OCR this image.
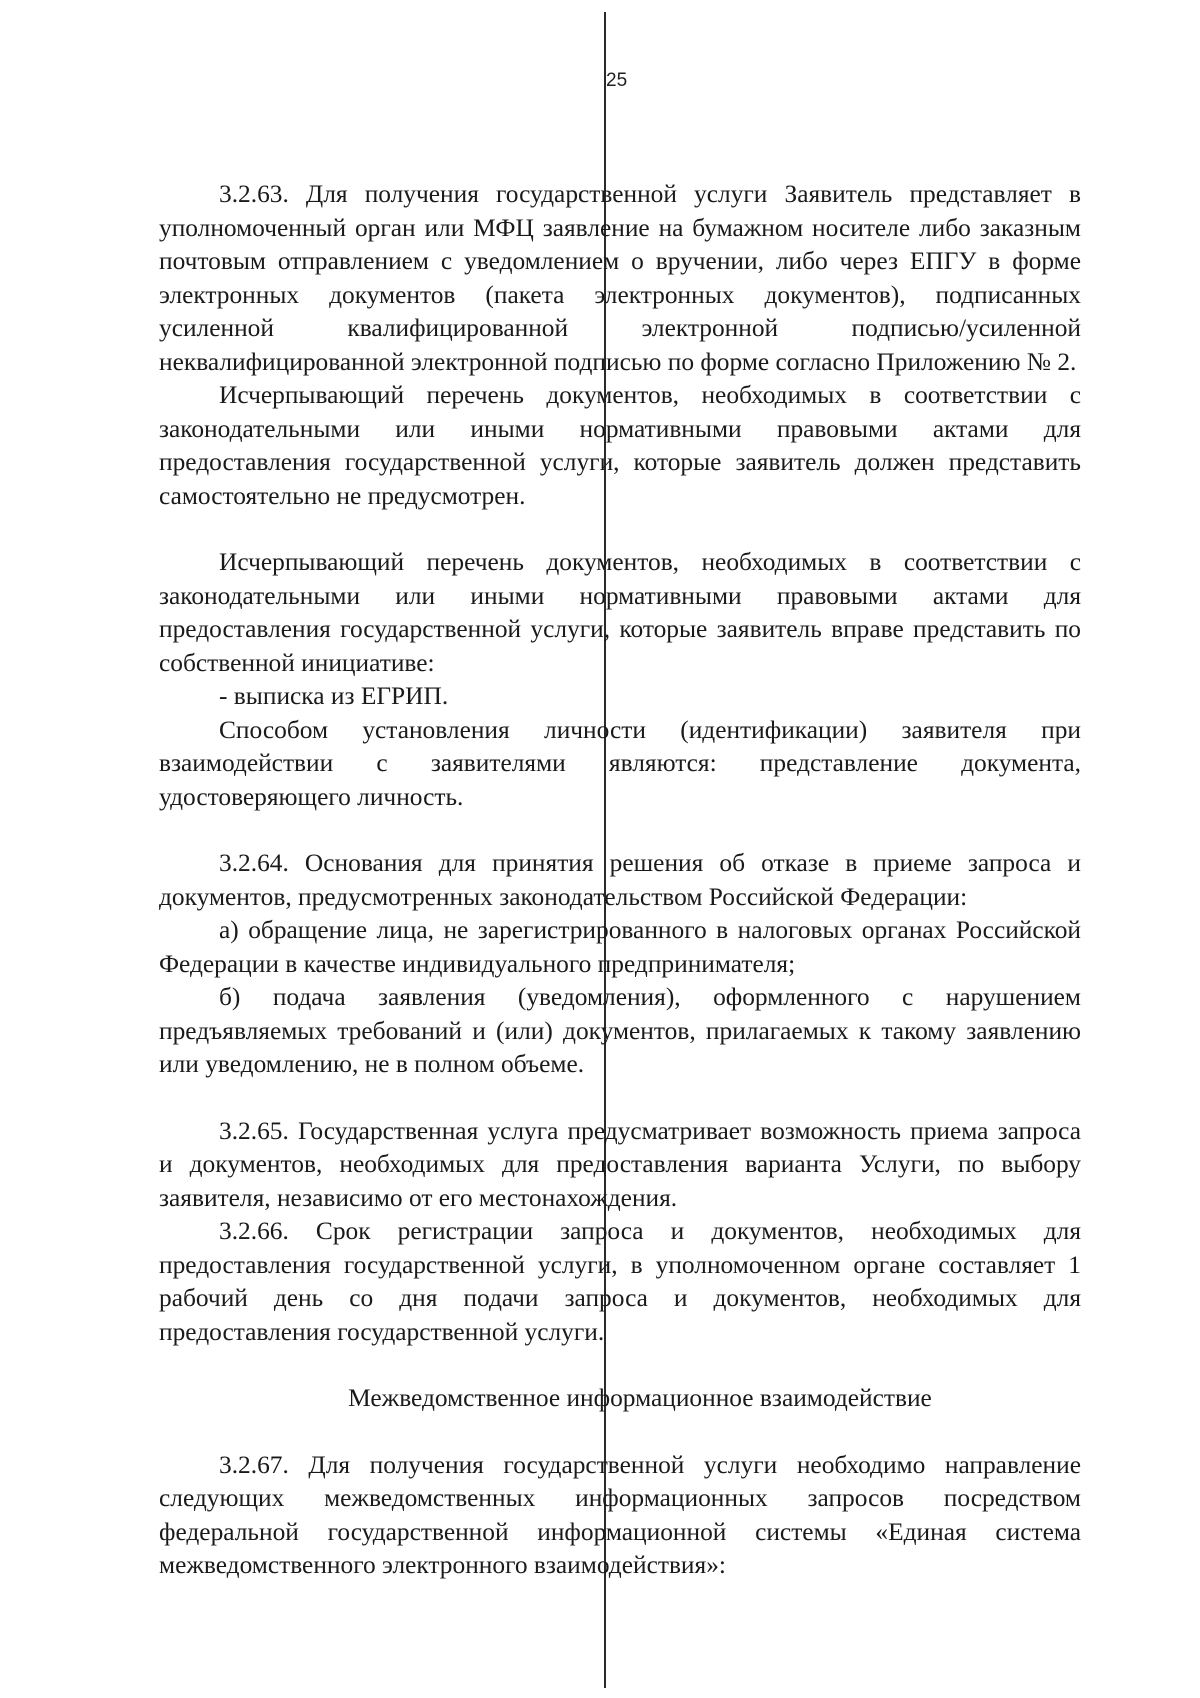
25

3.2.63. Для получения государственной услуги Заявитель представляет в уполномоченный орган или МФЦ заявление на бумажном носителе либо заказным почтовым отправлением с уведомлением о вручении, либо через ЕПГУ в форме электронных документов (пакета электронных документов), подписанных усиленной квалифицированной электронной подписью/усиленной неквалифицированной электронной подписью по форме согласно Приложению № 2.

Исчерпывающий перечень документов, необходимых в соответствии с законодательными или иными нормативными правовыми актами для предоставления государственной услуги, которые заявитель должен представить самостоятельно не предусмотрен.

Исчерпывающий перечень документов, необходимых в соответствии с законодательными или иными нормативными правовыми актами для предоставления государственной услуги, которые заявитель вправе представить по собственной инициативе:

- выписка из ЕГРИП.

Способом установления личности (идентификации) заявителя при взаимодействии с заявителями являются: представление документа, удостоверяющего личность.

3.2.64. Основания для принятия решения об отказе в приеме запроса и документов, предусмотренных законодательством Российской Федерации:

а) обращение лица, не зарегистрированного в налоговых органах Российской Федерации в качестве индивидуального предпринимателя;

б) подача заявления (уведомления), оформленного с нарушением предъявляемых требований и (или) документов, прилагаемых к такому заявлению или уведомлению, не в полном объеме.

3.2.65. Государственная услуга предусматривает возможность приема запроса и документов, необходимых для предоставления варианта Услуги, по выбору заявителя, независимо от его местонахождения.

3.2.66. Срок регистрации запроса и документов, необходимых для предоставления государственной услуги, в уполномоченном органе составляет 1 рабочий день со дня подачи запроса и документов, необходимых для предоставления государственной услуги.

Межведомственное информационное взаимодействие

3.2.67. Для получения государственной услуги необходимо направление следующих межведомственных информационных запросов посредством федеральной государственной информационной системы «Единая система межведомственного электронного взаимодействия»:
